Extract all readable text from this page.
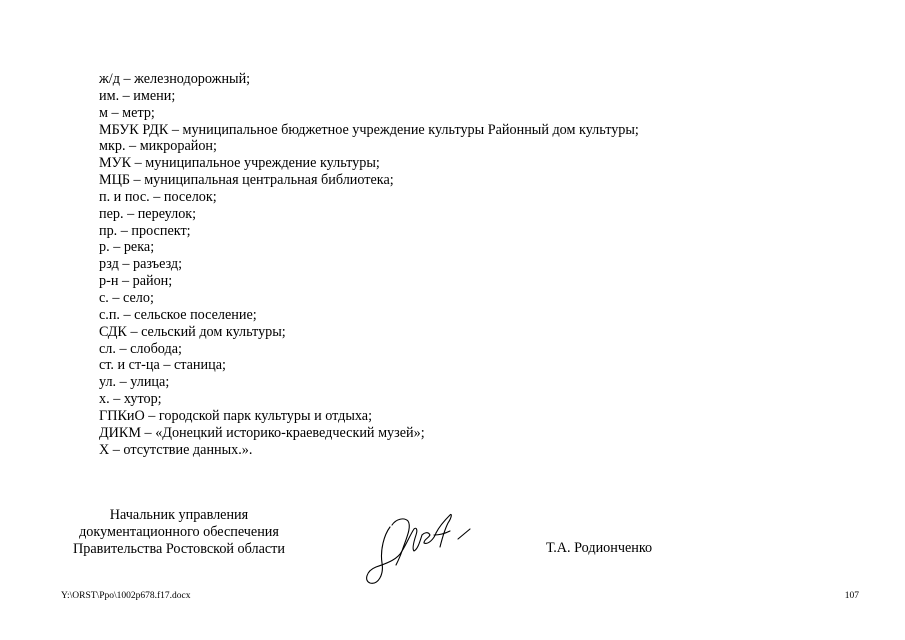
ж/д – железнодорожный;
им. – имени;
м – метр;
МБУК РДК – муниципальное бюджетное учреждение культуры Районный дом культуры;
мкр. – микрорайон;
МУК – муниципальное учреждение культуры;
МЦБ – муниципальная центральная библиотека;
п. и пос. – поселок;
пер. – переулок;
пр. – проспект;
р. – река;
рзд – разъезд;
р-н – район;
с. – село;
с.п. – сельское поселение;
СДК – сельский дом культуры;
сл. – слобода;
ст. и ст-ца – станица;
ул. – улица;
х. – хутор;
ГПКиО – городской парк культуры и отдыха;
ДИКМ – «Донецкий историко-краеведческий музей»;
Х – отсутствие данных.».
Начальник управления
документационного обеспечения
Правительства Ростовской области	Т.А. Родионченко
Y:\ORST\Ppo\1002p678.f17.docx	107
